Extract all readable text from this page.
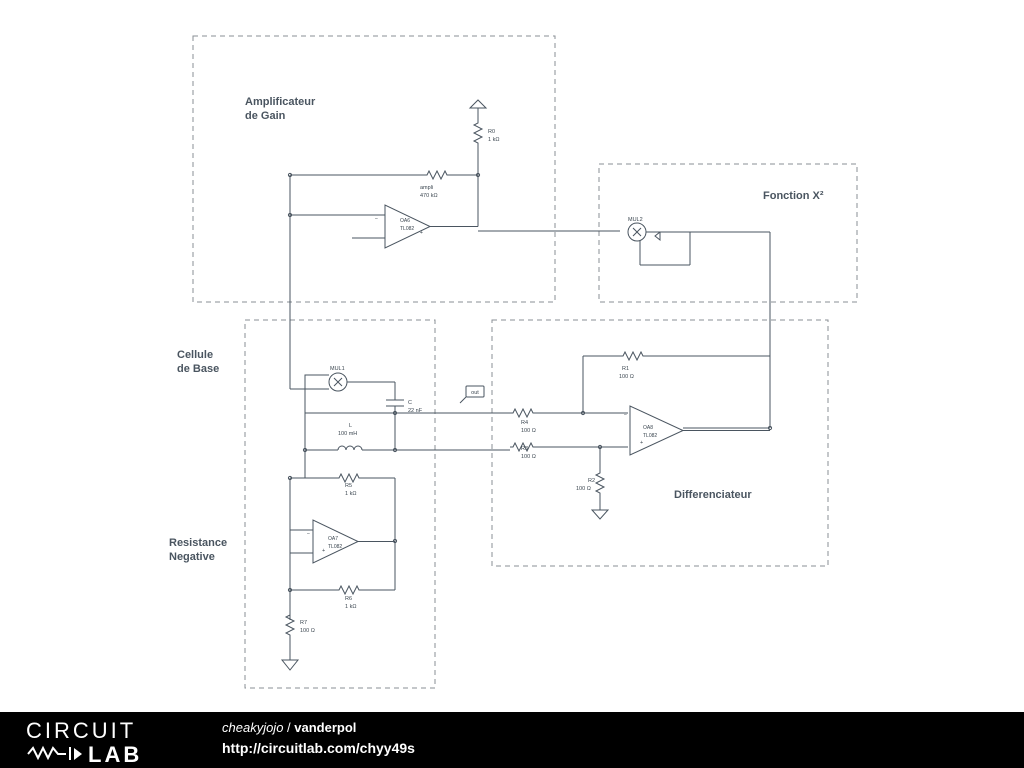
Amplificateur
de Gain
Fonction X²
Cellule
de Base
Differenciateur
Resistance
Negative
R0
1 kΩ
ampli
470 kΩ
−
+
OA6
TL082
MUL2
MUL1
C
22 nF
out
L
100 mH
R5
1 kΩ
−
+
OA7
TL082
R6
1 kΩ
R7
100 Ω
R1
100 Ω
R4
100 Ω
R3
100 Ω
R2
100 Ω
−
+
OA8
TL082
CIRCUIT
LAB
cheakyjojo / vanderpol
http://circuitlab.com/chyy49s
